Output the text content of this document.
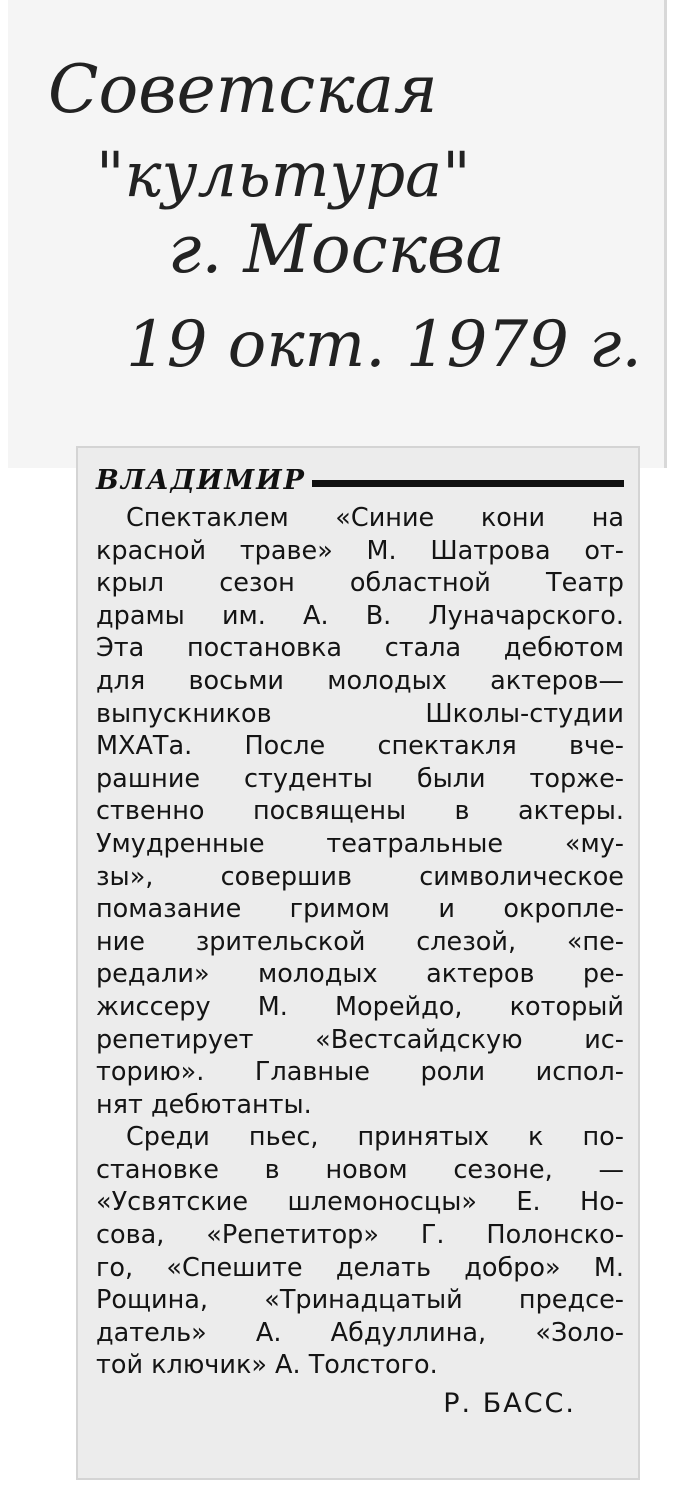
Советская
"культура"
г. Москва
19 окт. 1979 г.
ВЛАДИМИР
Спектаклем «Синие кони на
красной траве» М. Шатрова от-
крыл сезон областной Театр
драмы им. А. В. Луначарского.
Эта постановка стала дебютом
для восьми молодых актеров—
выпускников Школы-студии
МХАТа. После спектакля вче-
рашние студенты были торже-
ственно посвящены в актеры.
Умудренные театральные «му-
зы», совершив символическое
помазание гримом и окропле-
ние зрительской слезой, «пе-
редали» молодых актеров ре-
жиссеру М. Морейдо, который
репетирует «Вестсайдскую ис-
торию». Главные роли испол-
нят дебютанты.
Среди пьес, принятых к по-
становке в новом сезоне, —
«Усвятские шлемоносцы» Е. Но-
сова, «Репетитор» Г. Полонско-
го, «Спешите делать добро» М.
Рощина, «Тринадцатый предсе-
датель» А. Абдуллина, «Золо-
той ключик» А. Толстого.
Р. БАСС.
